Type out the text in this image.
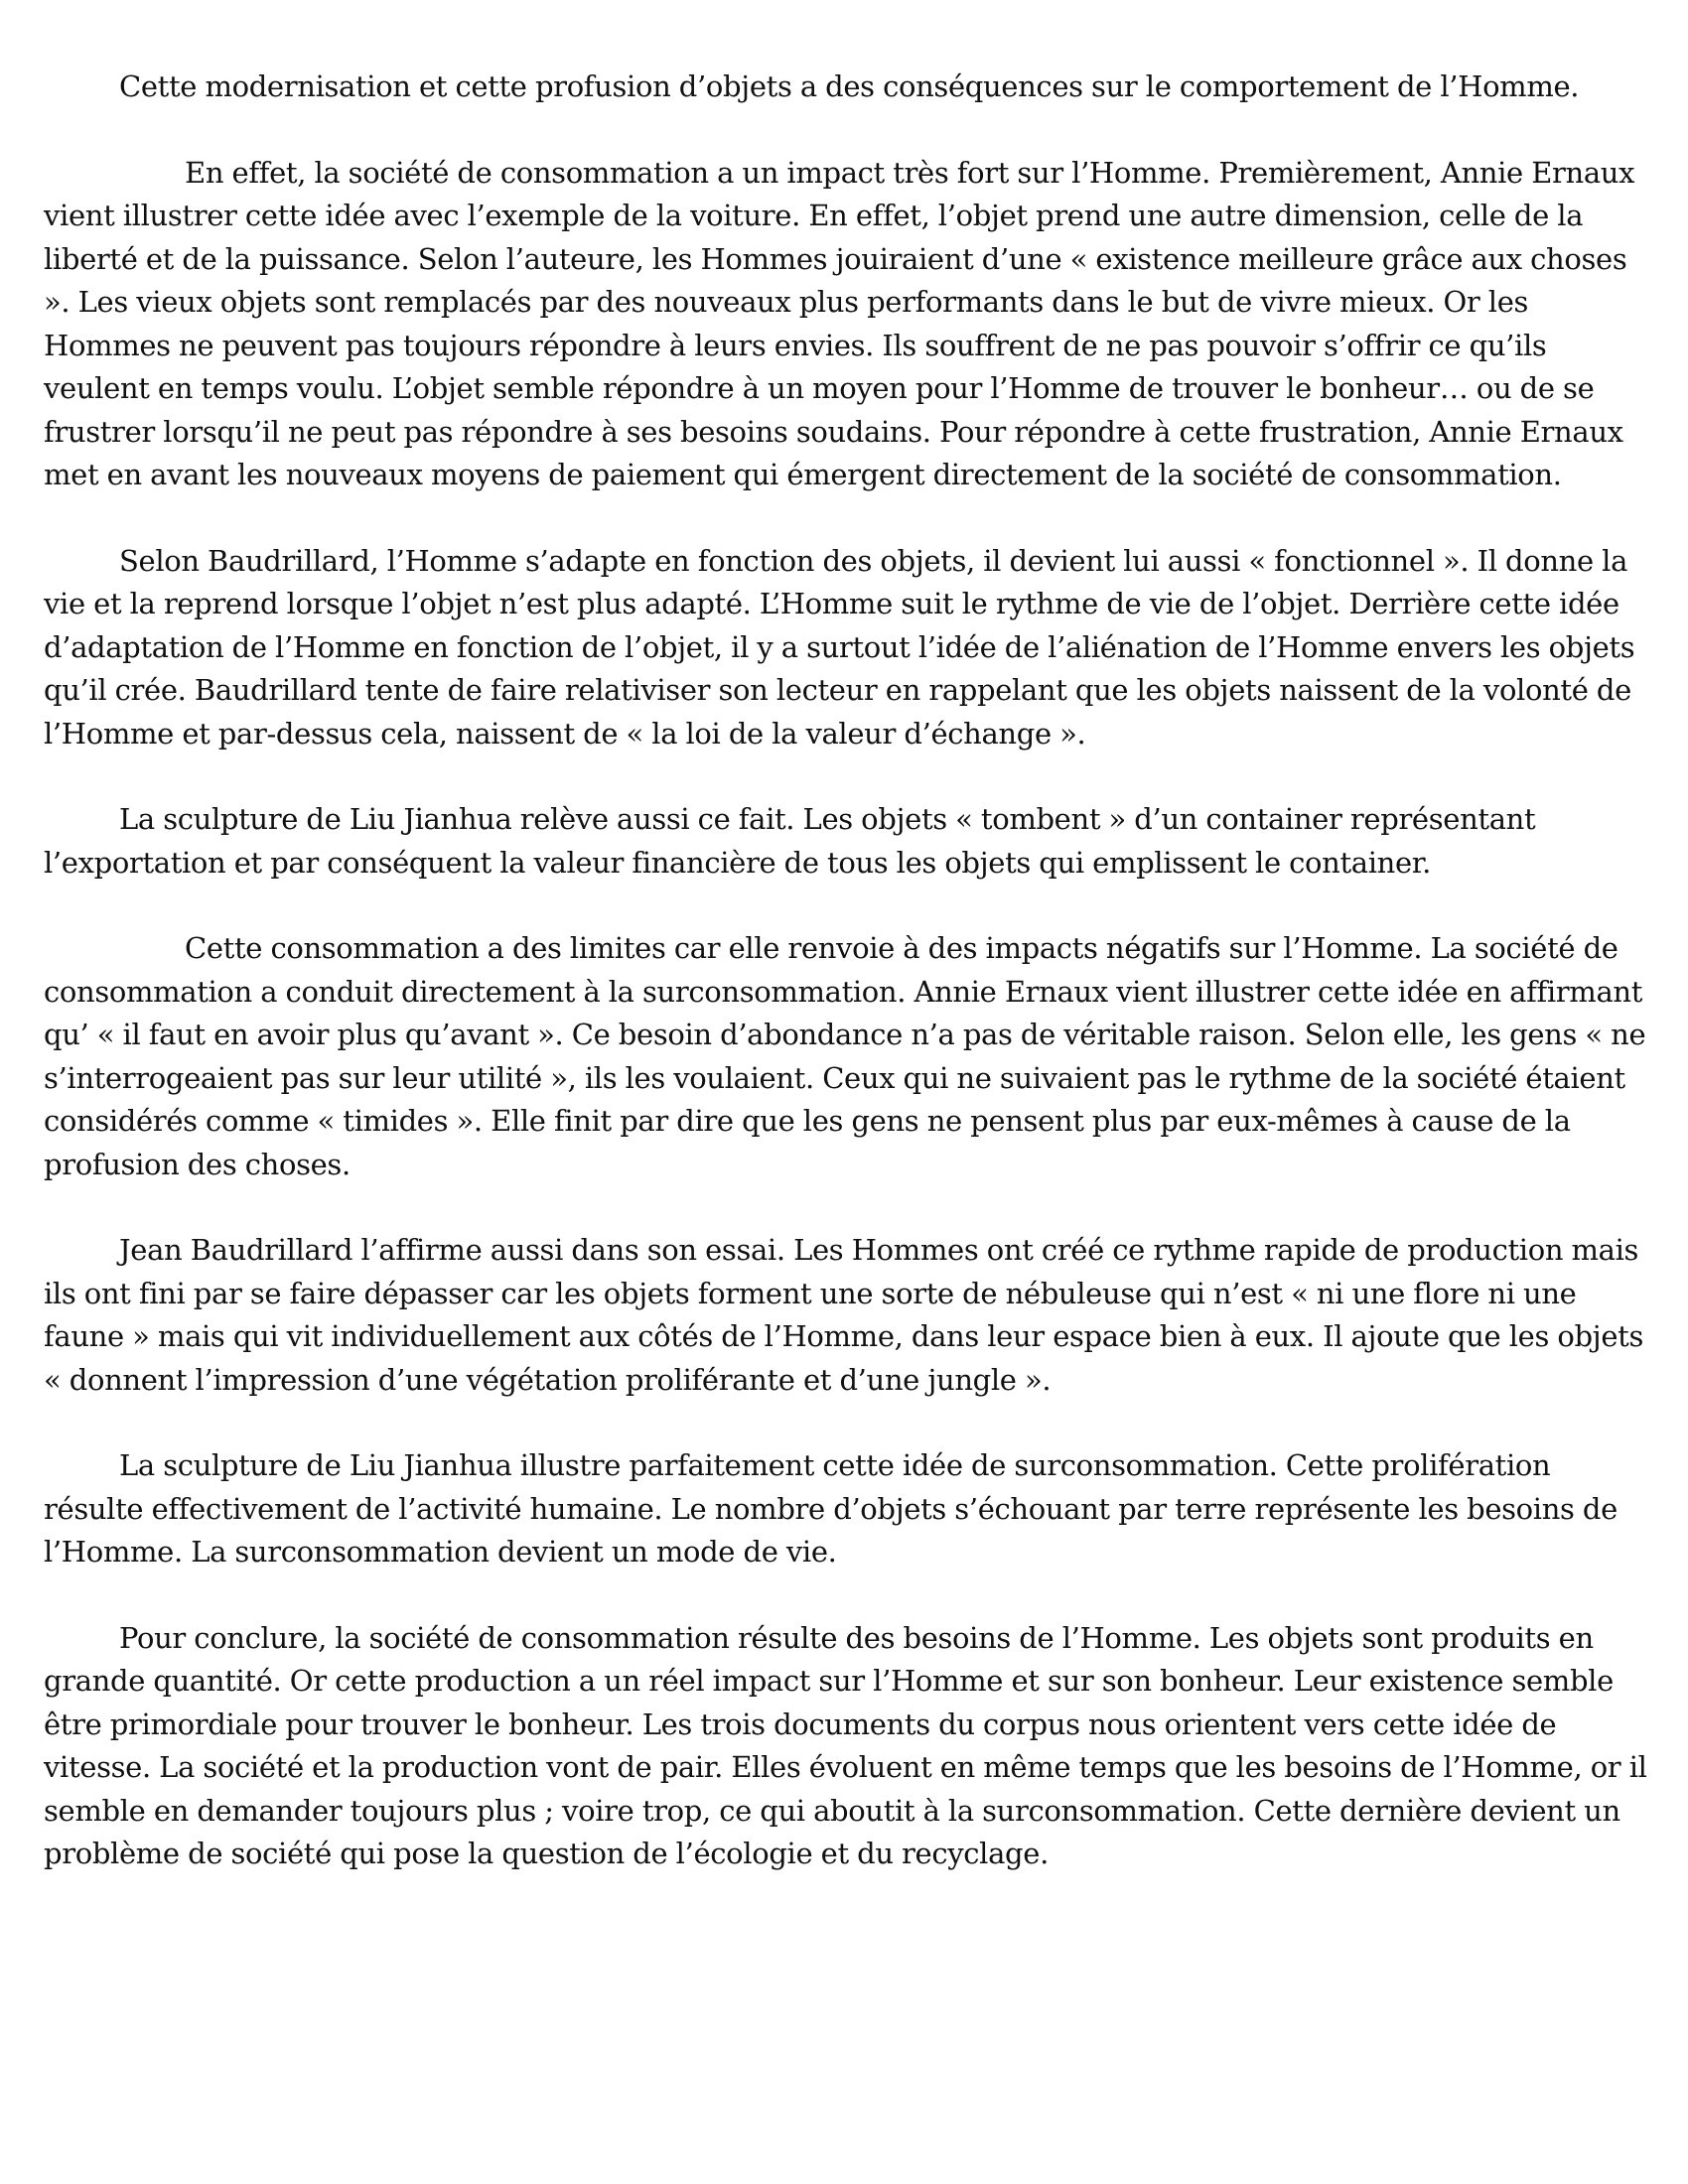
Cette modernisation et cette profusion d’objets a des conséquences sur le comportement de l’Homme.

En effet, la société de consommation a un impact très fort sur l’Homme. Premièrement, Annie Ernaux vient illustrer cette idée avec l’exemple de la voiture. En effet, l’objet prend une autre dimension, celle de la liberté et de la puissance. Selon l’auteure, les Hommes jouiraient d’une « existence meilleure grâce aux choses ». Les vieux objets sont remplacés par des nouveaux plus performants dans le but de vivre mieux. Or les Hommes ne peuvent pas toujours répondre à leurs envies. Ils souffrent de ne pas pouvoir s’offrir ce qu’ils veulent en temps voulu. L’objet semble répondre à un moyen pour l’Homme de trouver le bonheur… ou de se frustrer lorsqu’il ne peut pas répondre à ses besoins soudains. Pour répondre à cette frustration, Annie Ernaux met en avant les nouveaux moyens de paiement qui émergent directement de la société de consommation.

Selon Baudrillard, l’Homme s’adapte en fonction des objets, il devient lui aussi « fonctionnel ». Il donne la vie et la reprend lorsque l’objet n’est plus adapté. L’Homme suit le rythme de vie de l’objet. Derrière cette idée d’adaptation de l’Homme en fonction de l’objet, il y a surtout l’idée de l’aliénation de l’Homme envers les objets qu’il crée. Baudrillard tente de faire relativiser son lecteur en rappelant que les objets naissent de la volonté de l’Homme et par-dessus cela, naissent de « la loi de la valeur d’échange ».

La sculpture de Liu Jianhua relève aussi ce fait. Les objets « tombent » d’un container représentant l’exportation et par conséquent la valeur financière de tous les objets qui emplissent le container.

Cette consommation a des limites car elle renvoie à des impacts négatifs sur l’Homme. La société de consommation a conduit directement à la surconsommation. Annie Ernaux vient illustrer cette idée en affirmant qu’ « il faut en avoir plus qu’avant ». Ce besoin d’abondance n’a pas de véritable raison. Selon elle, les gens « ne s’interrogeaient pas sur leur utilité », ils les voulaient. Ceux qui ne suivaient pas le rythme de la société étaient considérés comme « timides ». Elle finit par dire que les gens ne pensent plus par eux-mêmes à cause de la profusion des choses.

Jean Baudrillard l’affirme aussi dans son essai. Les Hommes ont créé ce rythme rapide de production mais ils ont fini par se faire dépasser car les objets forment une sorte de nébuleuse qui n’est « ni une flore ni une faune » mais qui vit individuellement aux côtés de l’Homme, dans leur espace bien à eux. Il ajoute que les objets « donnent l’impression d’une végétation proliférante et d’une jungle ».

La sculpture de Liu Jianhua illustre parfaitement cette idée de surconsommation. Cette prolifération résulte effectivement de l’activité humaine. Le nombre d’objets s’échouant par terre représente les besoins de l’Homme. La surconsommation devient un mode de vie.

Pour conclure, la société de consommation résulte des besoins de l’Homme. Les objets sont produits en grande quantité. Or cette production a un réel impact sur l’Homme et sur son bonheur. Leur existence semble être primordiale pour trouver le bonheur. Les trois documents du corpus nous orientent vers cette idée de vitesse. La société et la production vont de pair. Elles évoluent en même temps que les besoins de l’Homme, or il semble en demander toujours plus ; voire trop, ce qui aboutit à la surconsommation. Cette dernière devient un problème de société qui pose la question de l’écologie et du recyclage.
